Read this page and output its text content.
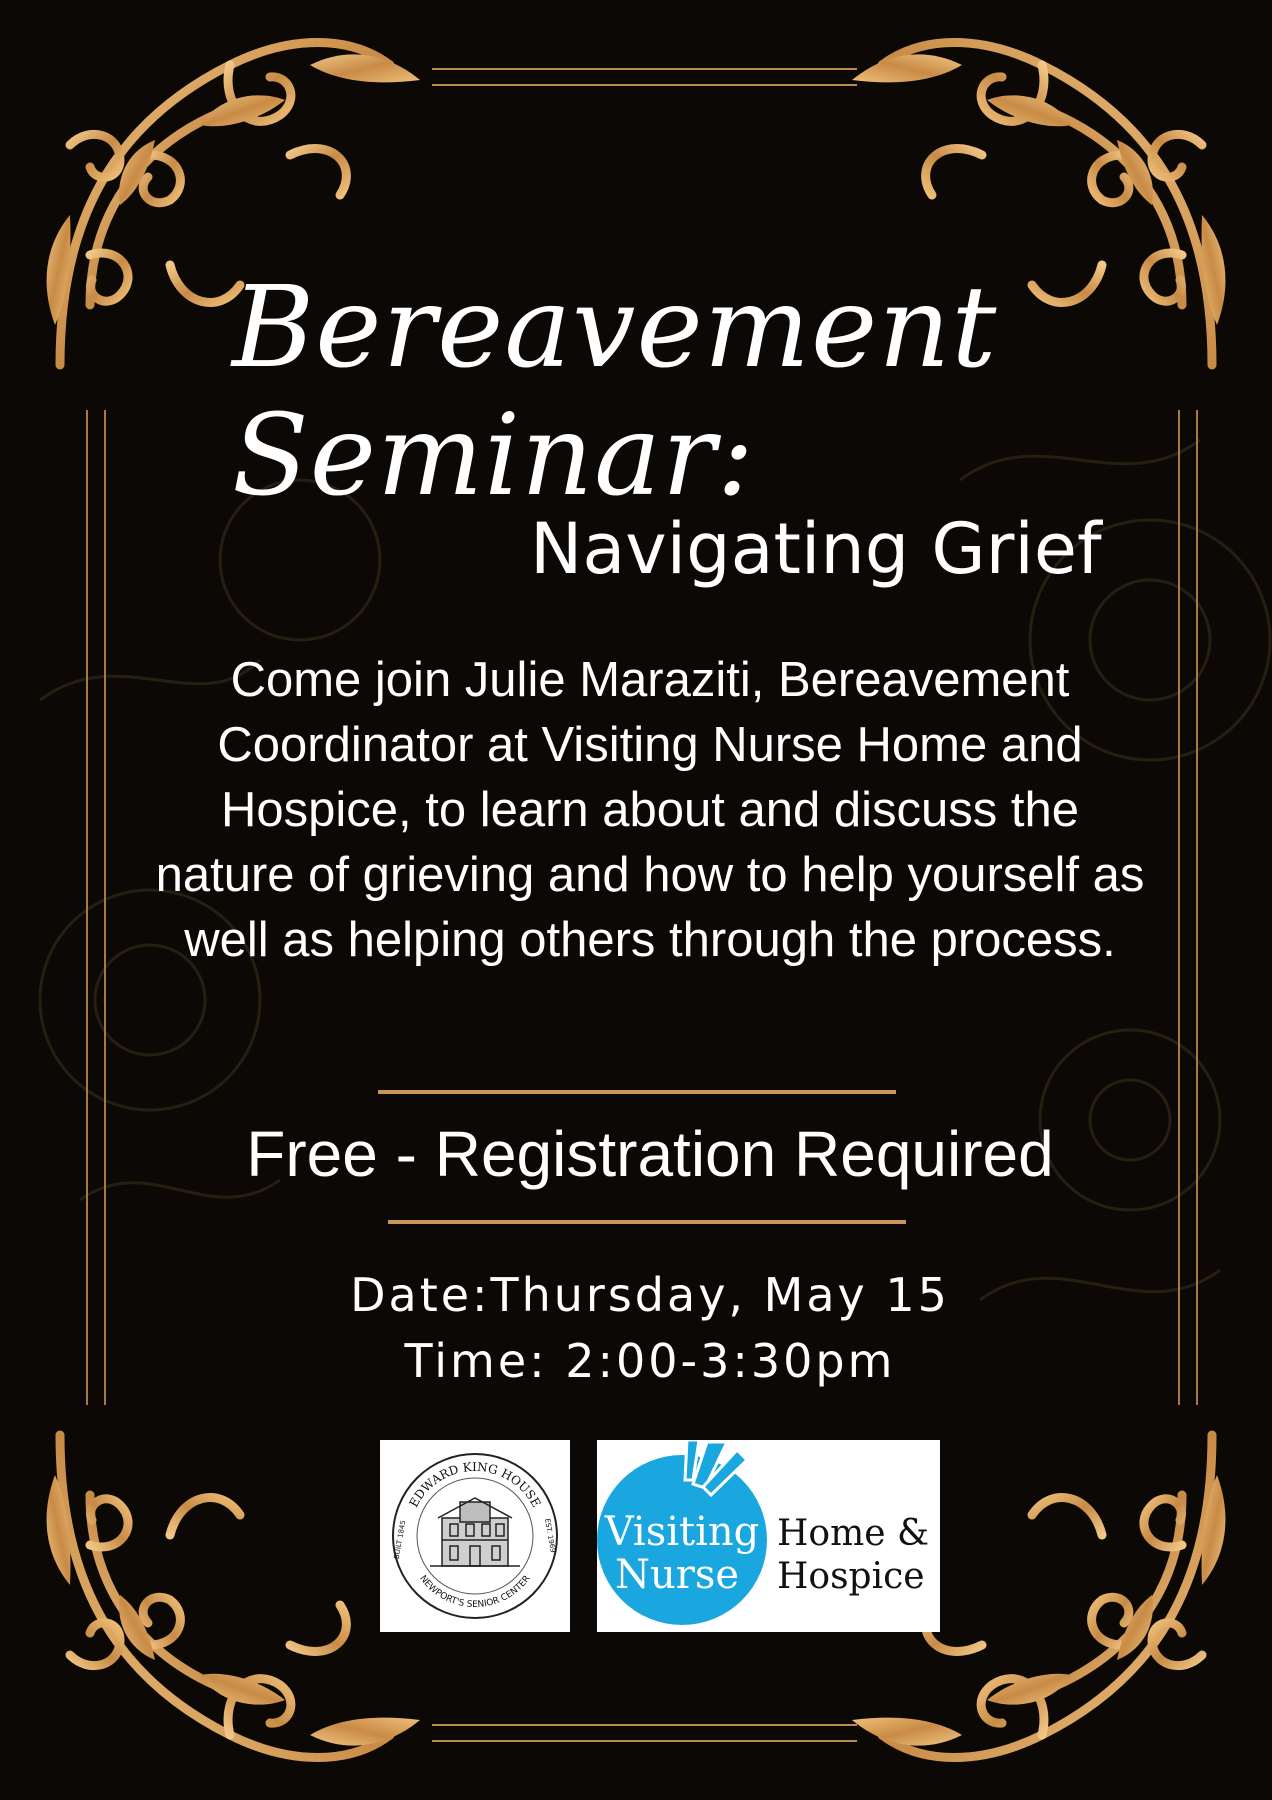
Bereavement
Seminar:
Navigating Grief
Come join Julie Maraziti, Bereavement Coordinator at Visiting Nurse Home and Hospice, to learn about and discuss the nature of grieving and how to help yourself as well as helping others through the process.
Free - Registration Required
Date:Thursday, May 15
Time: 2:00-3:30pm
EDWARD KING HOUSE
NEWPORT'S SENIOR CENTER
BUILT 1845	EST. 1969 Visiting
Nurse
Home &
Hospice
